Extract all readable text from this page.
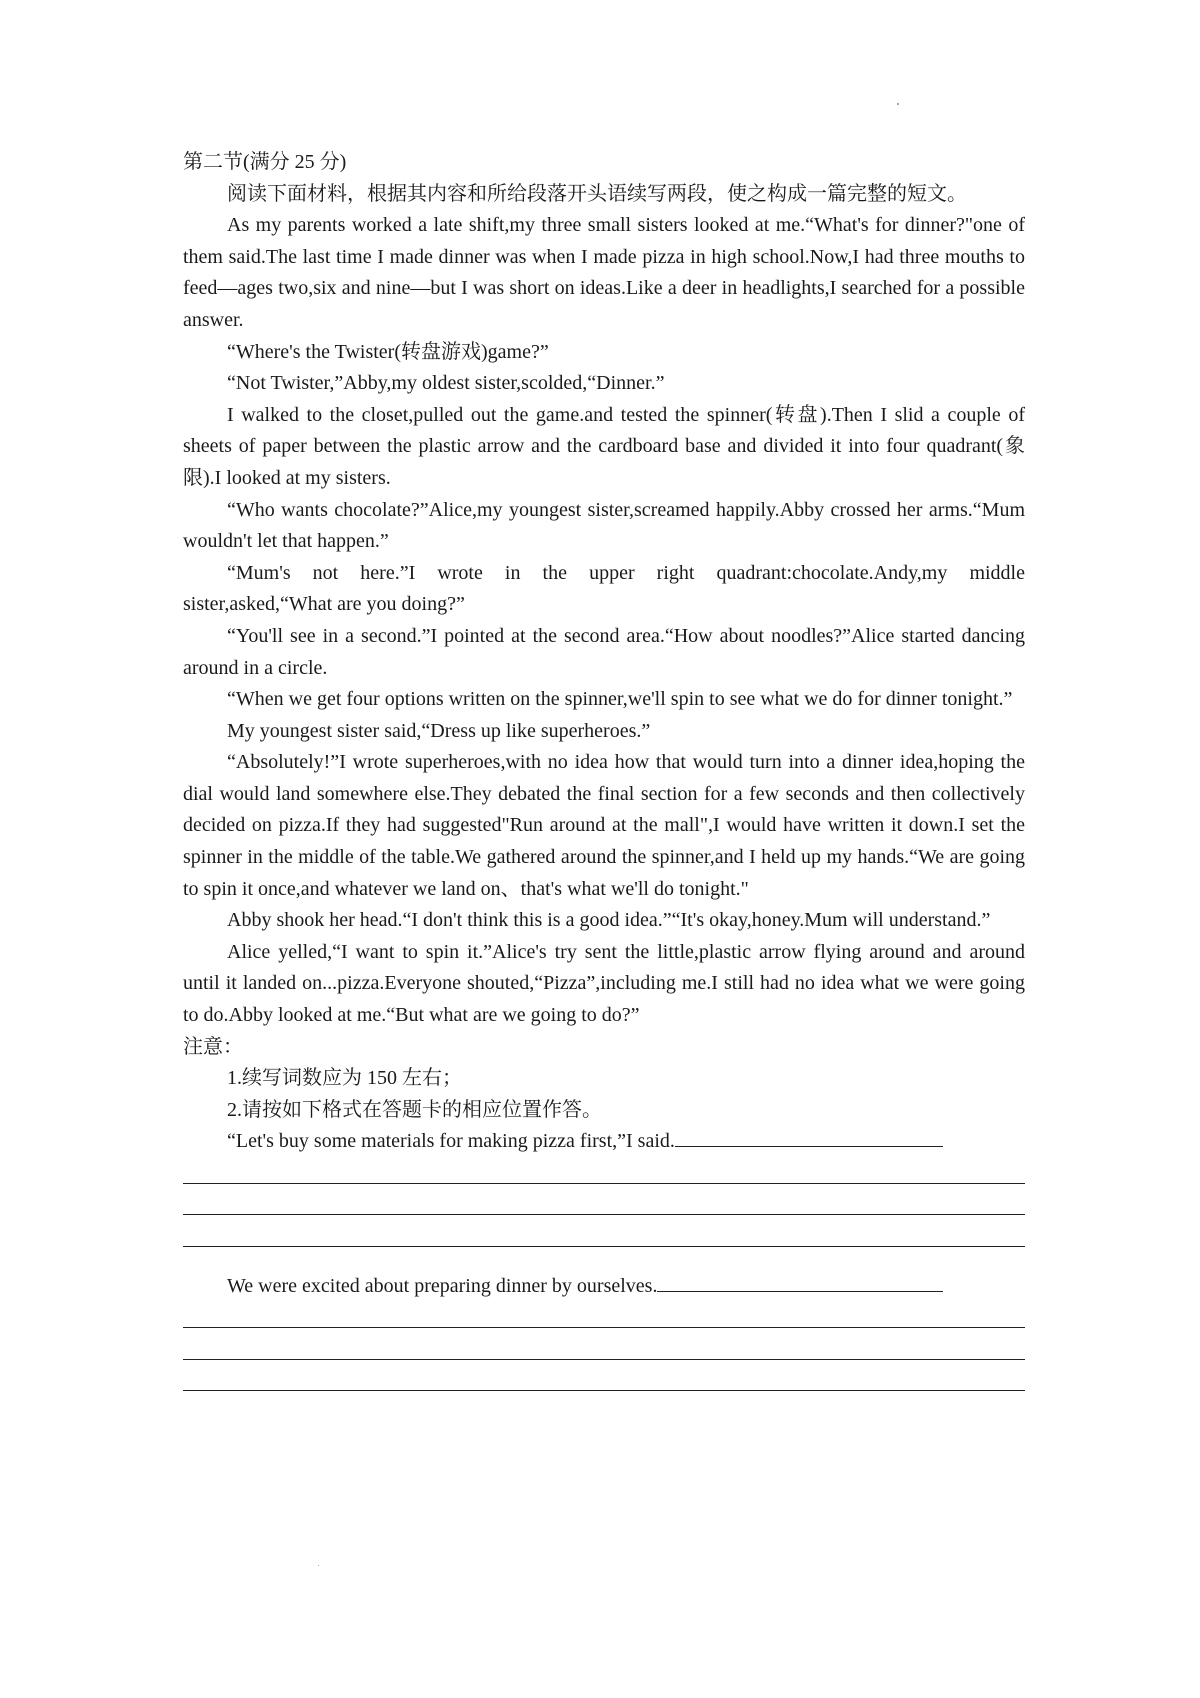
第二节(满分 25 分)

阅读下面材料，根据其内容和所给段落开头语续写两段，使之构成一篇完整的短文。

As my parents worked a late shift,my three small sisters looked at me.“What's for dinner?"one of them said.The last time I made dinner was when I made pizza in high school.Now,I had three mouths to feed—ages two,six and nine—but I was short on ideas.Like a deer in headlights,I searched for a possible answer.

“Where's the Twister(转盘游戏)game?”

“Not Twister,”Abby,my oldest sister,scolded,“Dinner.”

I walked to the closet,pulled out the game.and tested the spinner(转盘).Then I slid a couple of sheets of paper between the plastic arrow and the cardboard base and divided it into four quadrant(象限).I looked at my sisters.

“Who wants chocolate?”Alice,my youngest sister,screamed happily.Abby crossed her arms.“Mum wouldn't let that happen.”

“Mum's not here.”I wrote in the upper right quadrant:chocolate.Andy,my middle sister,asked,“What are you doing?”

“You'll see in a second.”I pointed at the second area.“How about noodles?”Alice started dancing around in a circle.

“When we get four options written on the spinner,we'll spin to see what we do for dinner tonight.”

My youngest sister said,“Dress up like superheroes.”

“Absolutely!”I wrote superheroes,with no idea how that would turn into a dinner idea,hoping the dial would land somewhere else.They debated the final section for a few seconds and then collectively decided on pizza.If they had suggested"Run around at the mall",I would have written it down.I set the spinner in the middle of the table.We gathered around the spinner,and I held up my hands.“We are going to spin it once,and whatever we land on、that's what we'll do tonight."

Abby shook her head.“I don't think this is a good idea.”“It's okay,honey.Mum will understand.”

Alice yelled,“I want to spin it.”Alice's try sent the little,plastic arrow flying around and around until it landed on...pizza.Everyone shouted,“Pizza”,including me.I still had no idea what we were going to do.Abby looked at me.“But what are we going to do?”

注意：

1.续写词数应为 150 左右；

2.请按如下格式在答题卡的相应位置作答。

“Let's buy some materials for making pizza first,”I said.

We were excited about preparing dinner by ourselves.
